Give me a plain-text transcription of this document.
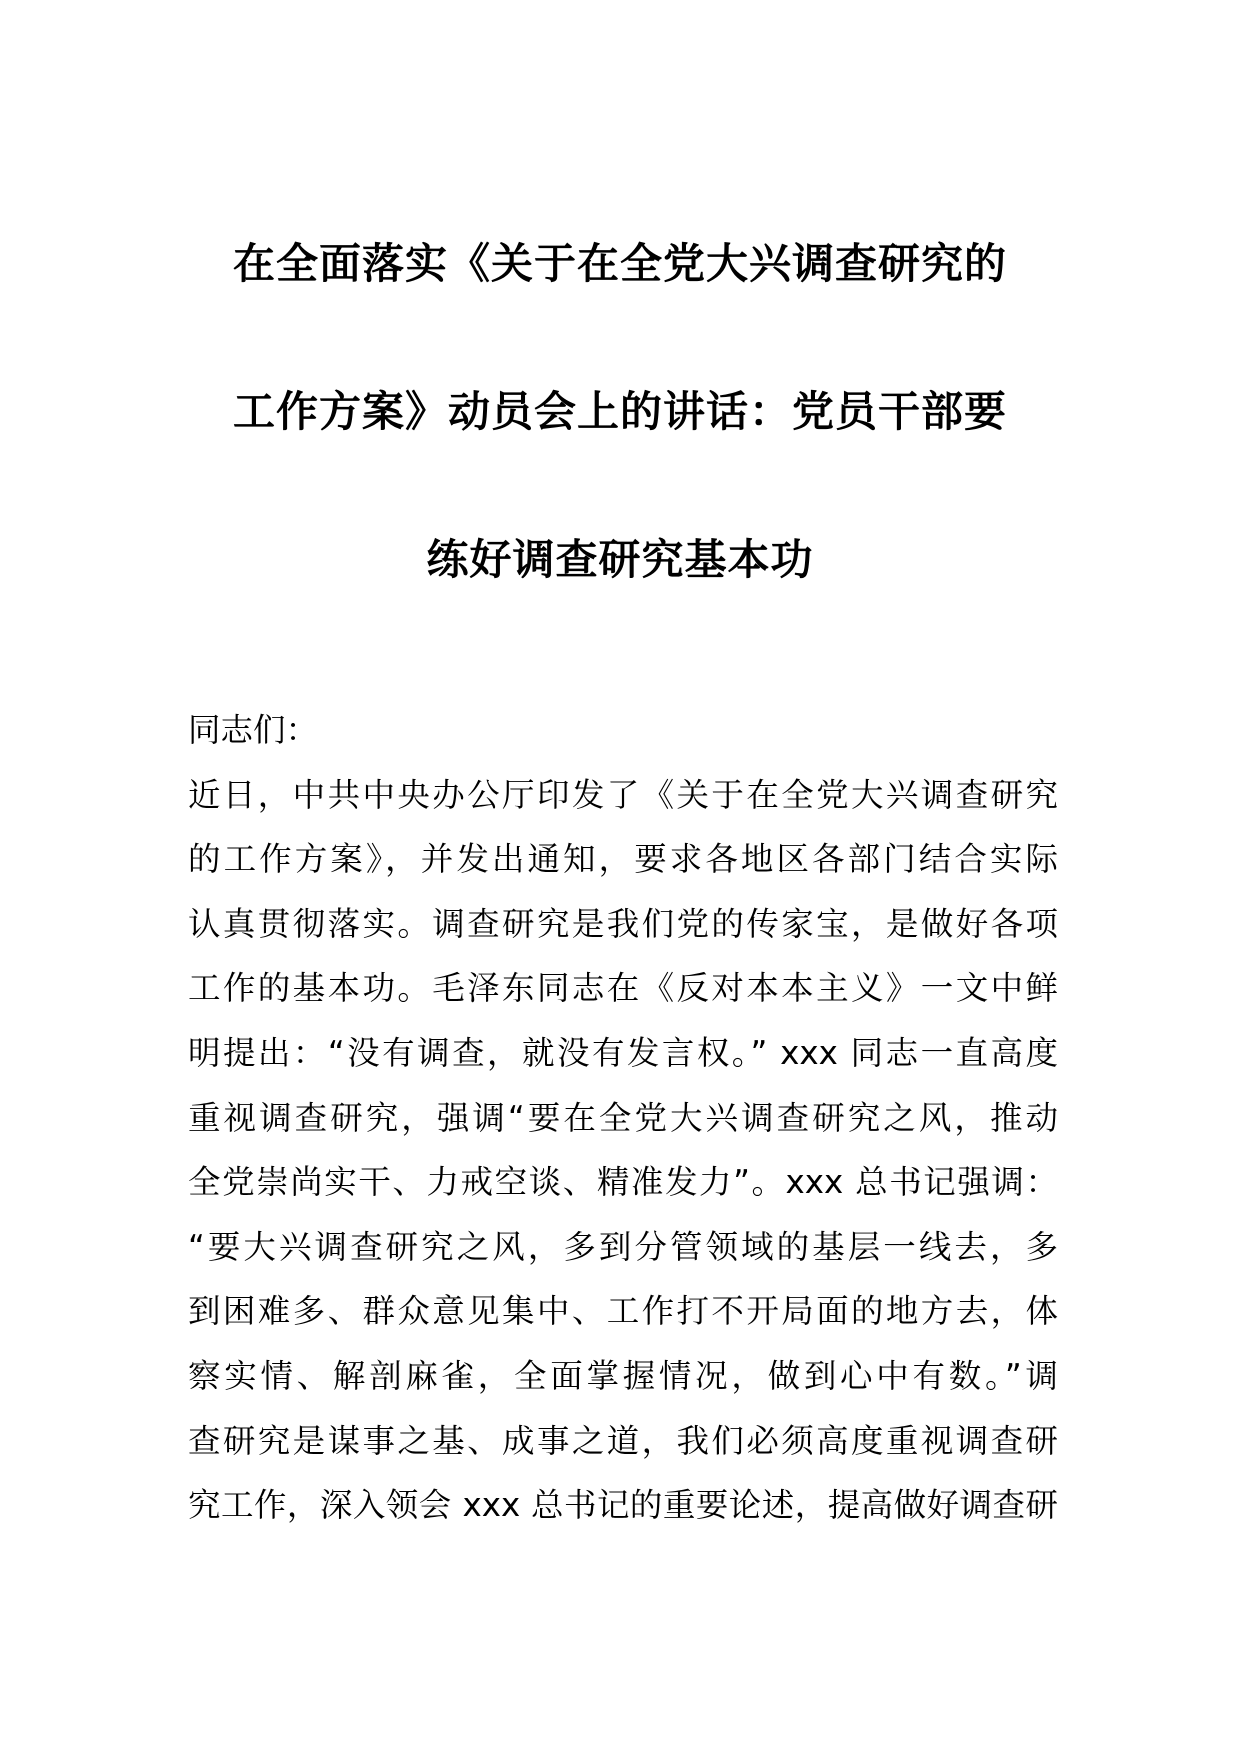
在全面落实《关于在全党大兴调查研究的
工作方案》动员会上的讲话：党员干部要
练好调查研究基本功
同志们：
近日，中共中央办公厅印发了《关于在全党大兴调查研究
的工作方案》，并发出通知，要求各地区各部门结合实际
认真贯彻落实。调查研究是我们党的传家宝，是做好各项
工作的基本功。毛泽东同志在《反对本本主义》一文中鲜
明提出：“没有调查，就没有发言权。” xxx 同志一直高度
重视调查研究，强调“要在全党大兴调查研究之风，推动
全党崇尚实干、力戒空谈、精准发力”。xxx 总书记强调：
“要大兴调查研究之风，多到分管领域的基层一线去，多
到困难多、群众意见集中、工作打不开局面的地方去，体
察实情、解剖麻雀，全面掌握情况，做到心中有数。”调
查研究是谋事之基、成事之道，我们必须高度重视调查研
究工作，深入领会 xxx 总书记的重要论述，提高做好调查研
